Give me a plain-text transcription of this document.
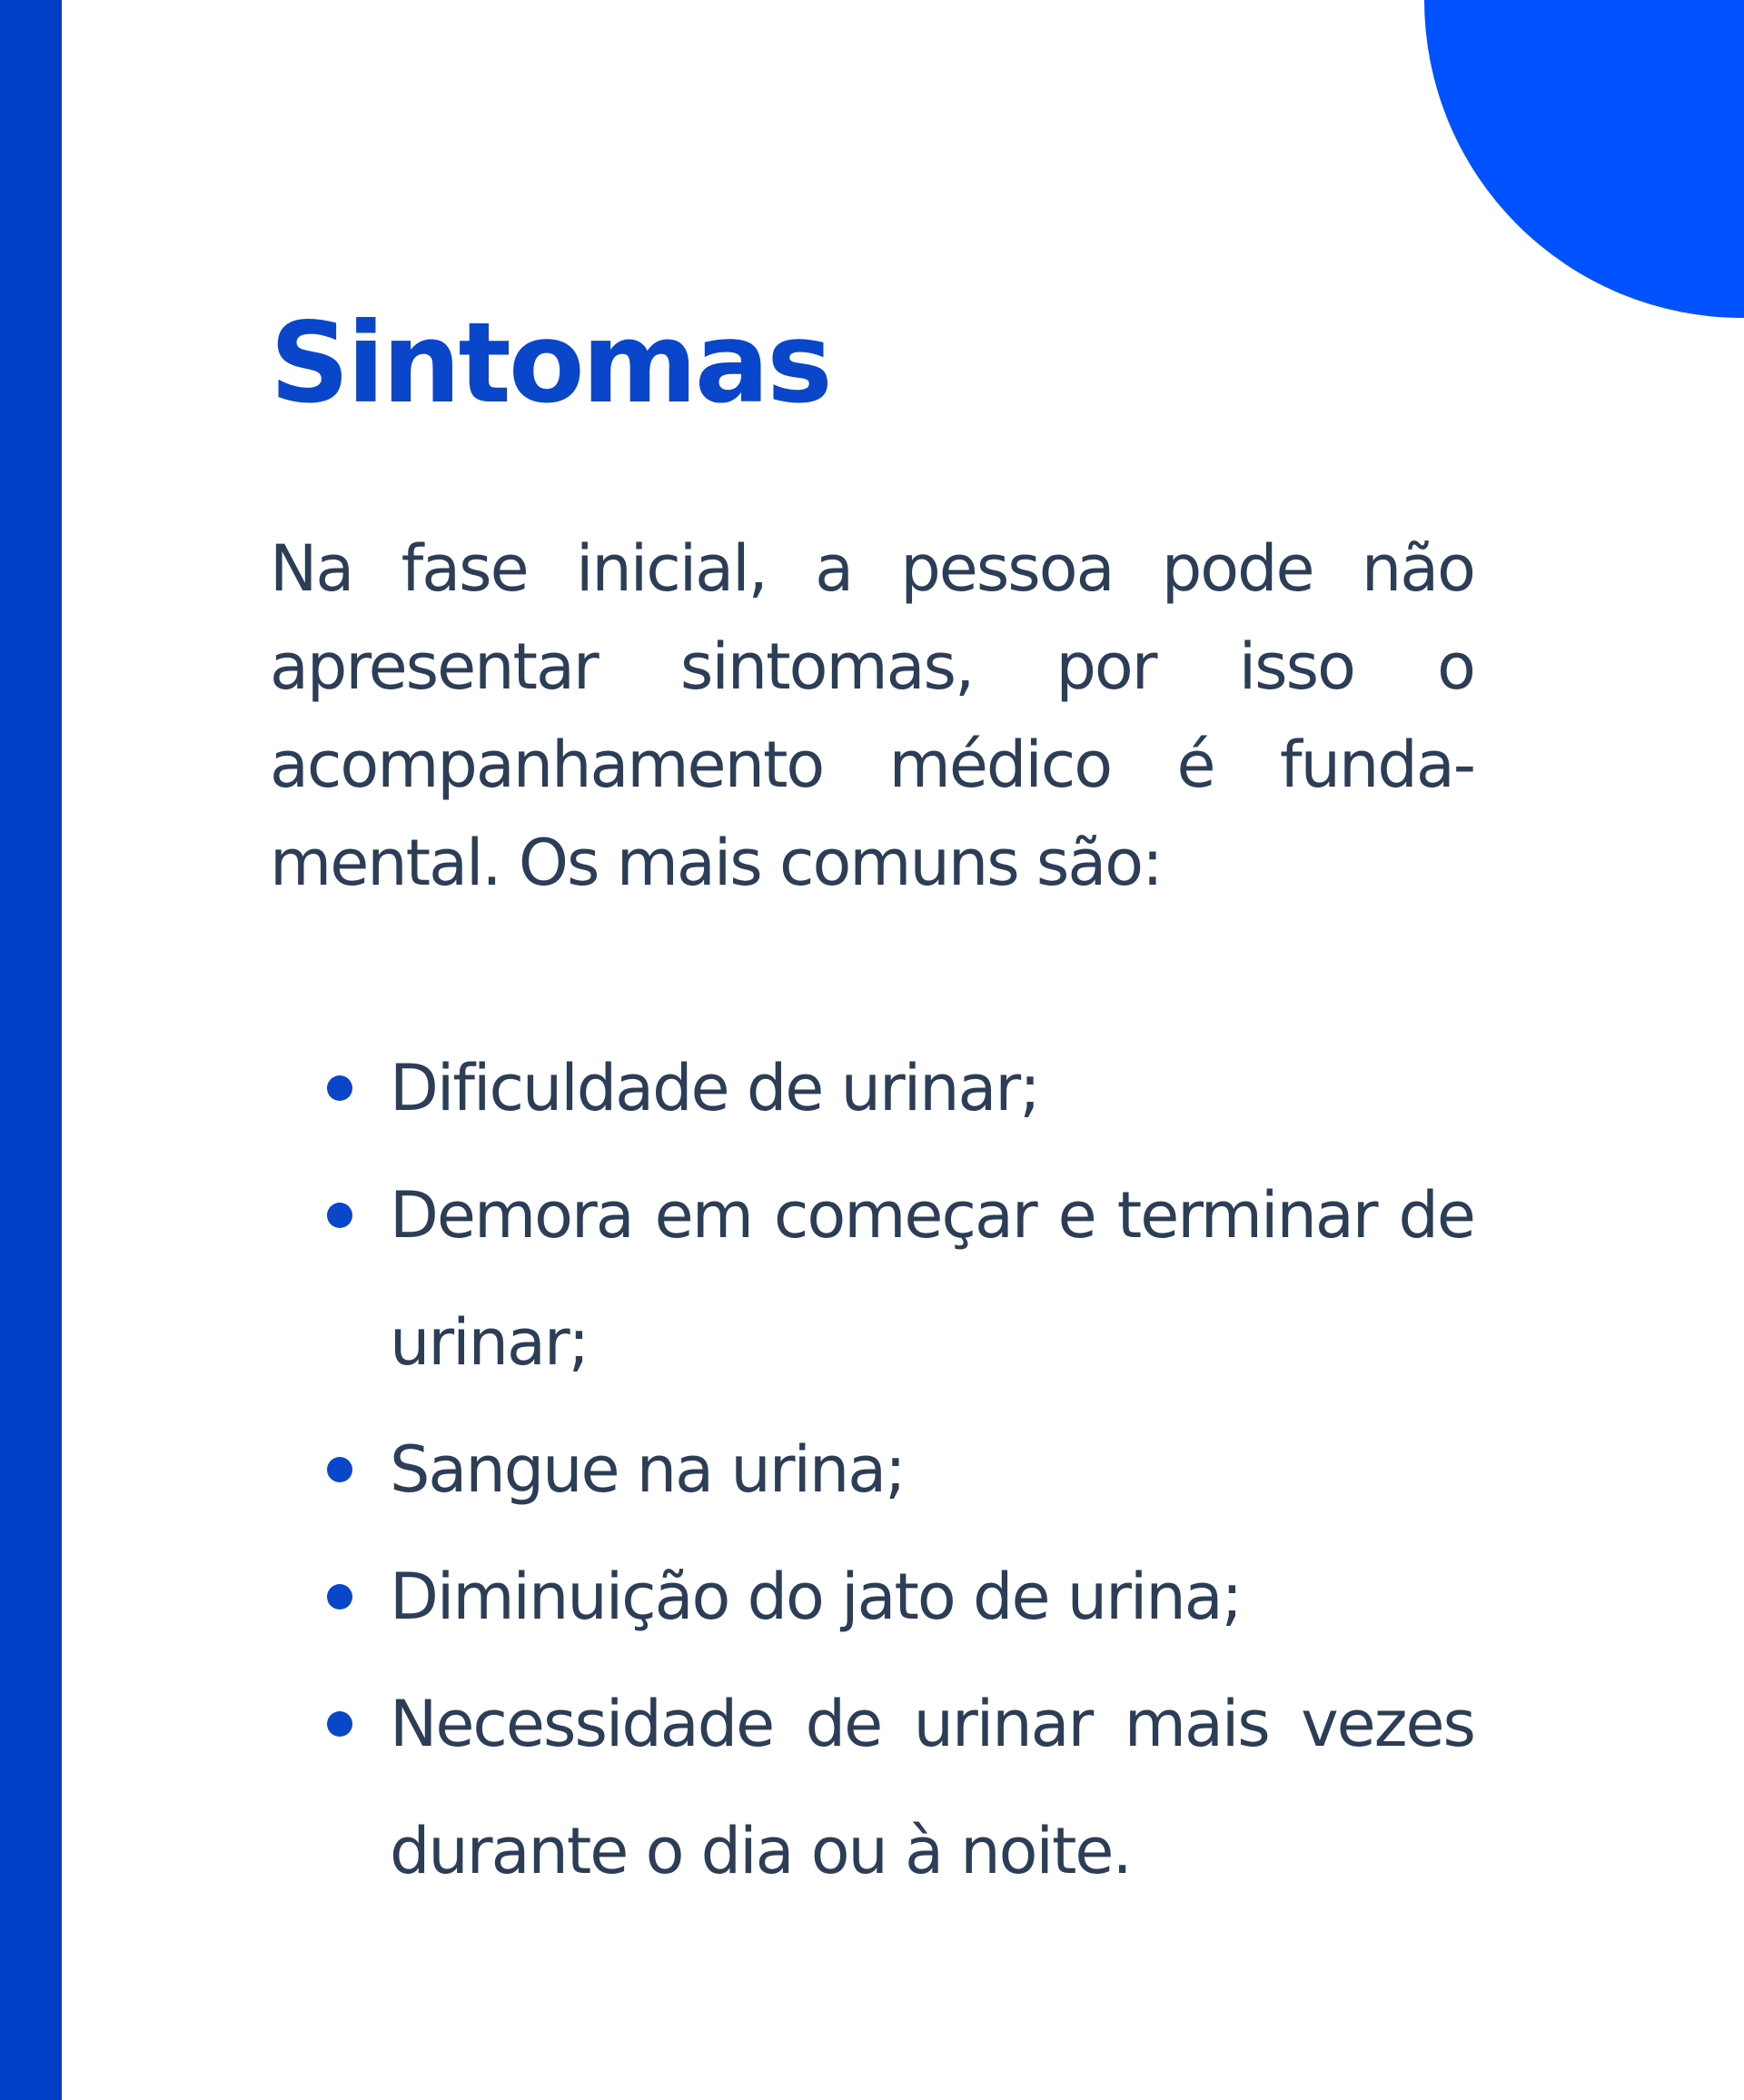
Sintomas

Na fase inicial, a pessoa pode não apresentar sintomas, por isso o acompanhamento médico é funda-mental. Os mais comuns são:

Dificuldade de urinar;
Demora em começar e terminar de urinar;
Sangue na urina;
Diminuição do jato de urina;
Necessidade de urinar mais vezes durante o dia ou à noite.
